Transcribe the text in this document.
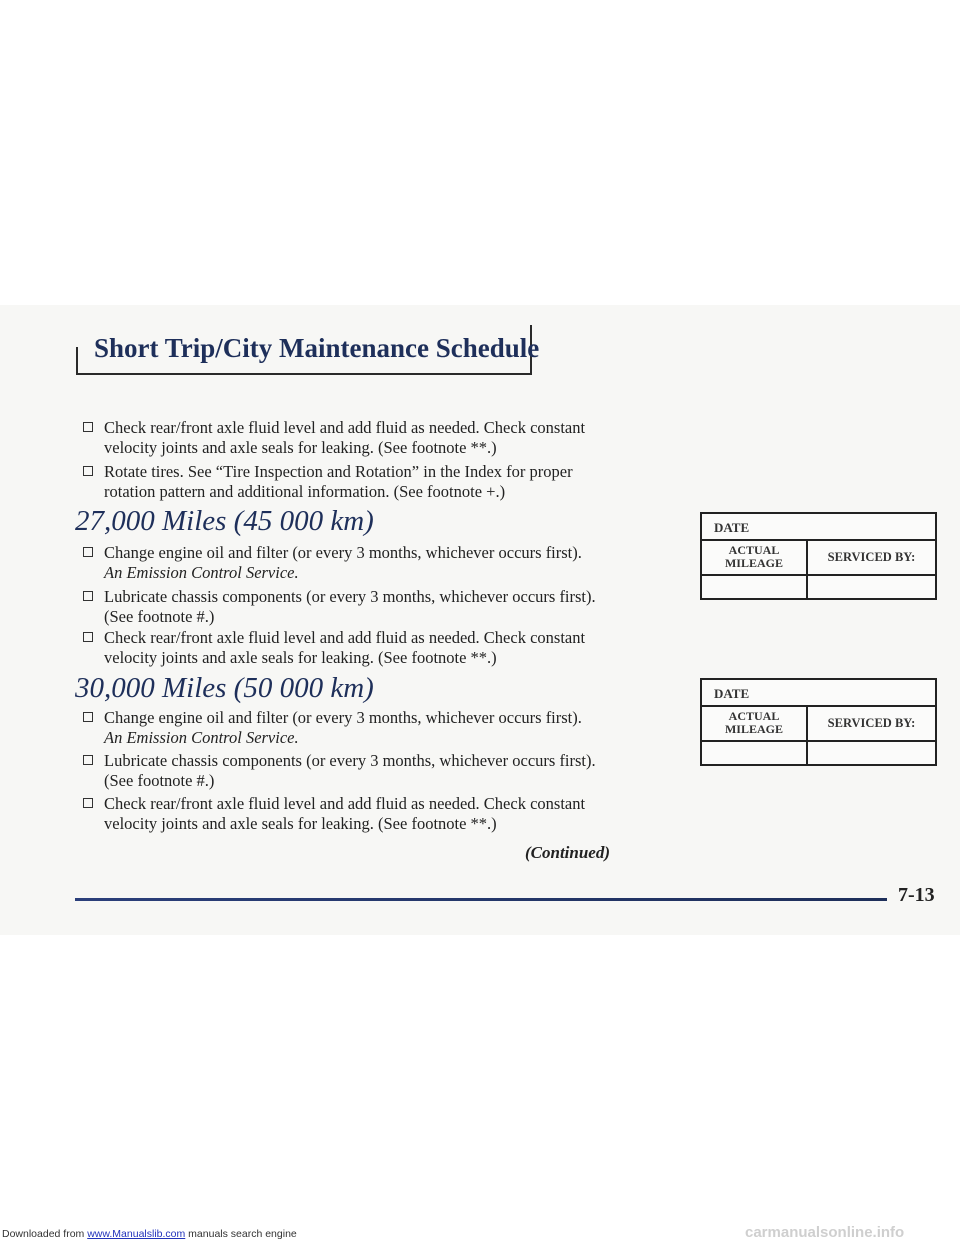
Short Trip/City Maintenance Schedule
Check rear/front axle fluid level and add fluid as needed. Check constant
velocity joints and axle seals for leaking. (See footnote **.)
Rotate tires. See “Tire Inspection and Rotation” in the Index for proper
rotation pattern and additional information. (See footnote +.)
27,000 Miles (45 000 km)
Change engine oil and filter (or every 3 months, whichever occurs first).
An Emission Control Service.
Lubricate chassis components (or every 3 months, whichever occurs first).
(See footnote #.)
Check rear/front axle fluid level and add fluid as needed. Check constant
velocity joints and axle seals for leaking. (See footnote **.)
30,000 Miles (50 000 km)
Change engine oil and filter (or every 3 months, whichever occurs first).
An Emission Control Service.
Lubricate chassis components (or every 3 months, whichever occurs first).
(See footnote #.)
Check rear/front axle fluid level and add fluid as needed. Check constant
velocity joints and axle seals for leaking. (See footnote **.)
DATE
ACTUAL
MILEAGE	SERVICED BY:
DATE
ACTUAL
MILEAGE	SERVICED BY:
(Continued)
7-13
Downloaded from www.Manualslib.com manuals search engine	carmanualsonline.info
